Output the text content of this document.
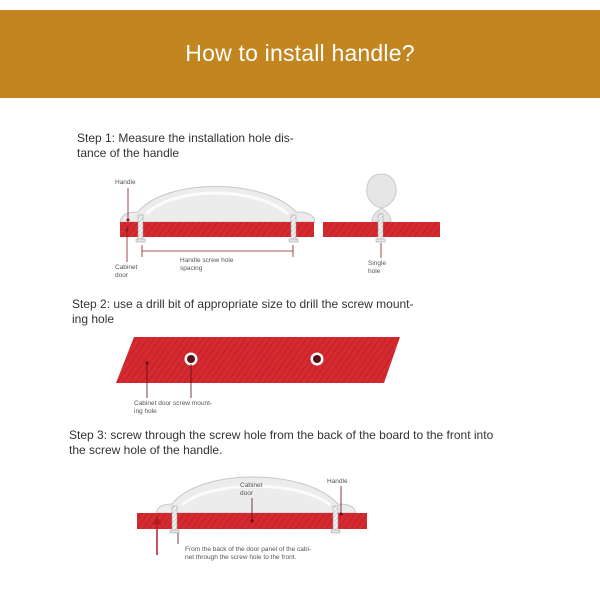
How to install handle?
Step 1: Measure the installation hole dis-
tance of the handle
Handle
Cabinet
door
Handle screw hole
spacing
Single
hole
Step 2: use a drill bit of appropriate size to drill the screw mount-
ing hole
Cabinet door screw mount-
ing hole
Step 3: screw through the screw hole from the back of the board to the front into
the screw hole of the handle.
Cabinet
door
Handle
From the back of the door panel of the cabi-
net through the screw hole to the front.
